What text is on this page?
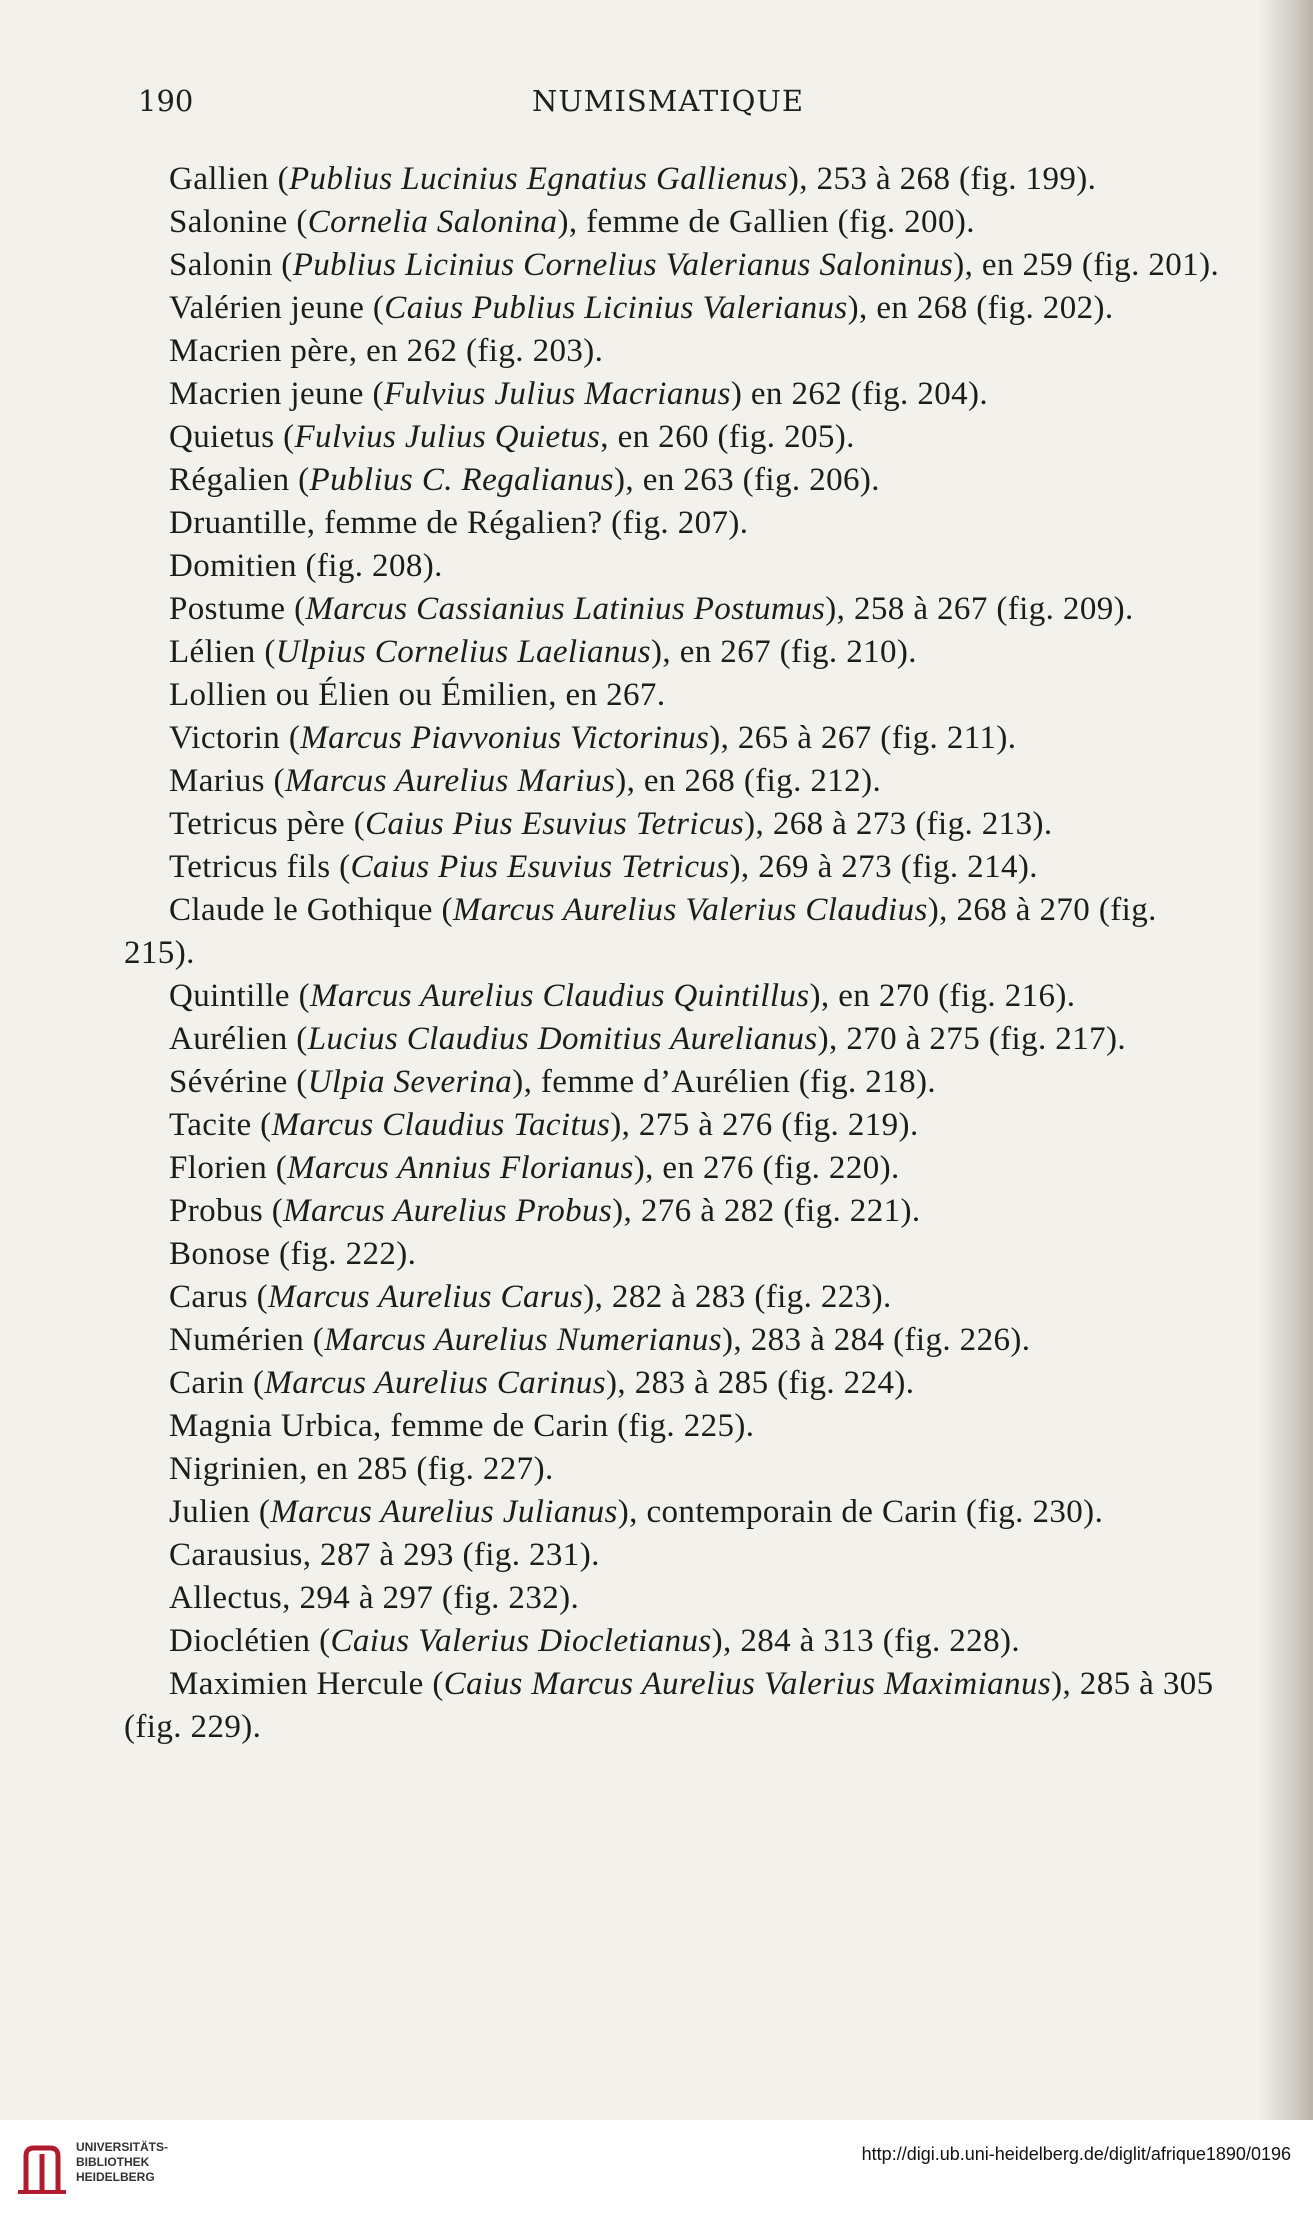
190	NUMISMATIQUE

Gallien (Publius Lucinius Egnatius Gallienus), 253 à 268 (fig. 199).

Salonine (Cornelia Salonina), femme de Gallien (fig. 200).

Salonin (Publius Licinius Cornelius Valerianus Saloninus), en 259 (fig. 201).

Valérien jeune (Caius Publius Licinius Valerianus), en 268 (fig. 202).

Macrien père, en 262 (fig. 203).

Macrien jeune (Fulvius Julius Macrianus) en 262 (fig. 204).

Quietus (Fulvius Julius Quietus, en 260 (fig. 205).

Régalien (Publius C. Regalianus), en 263 (fig. 206).

Druantille, femme de Régalien? (fig. 207).

Domitien (fig. 208).

Postume (Marcus Cassianius Latinius Postumus), 258 à 267 (fig. 209).

Lélien (Ulpius Cornelius Laelianus), en 267 (fig. 210).

Lollien ou Élien ou Émilien, en 267.

Victorin (Marcus Piavvonius Victorinus), 265 à 267 (fig. 211).

Marius (Marcus Aurelius Marius), en 268 (fig. 212).

Tetricus père (Caius Pius Esuvius Tetricus), 268 à 273 (fig. 213).

Tetricus fils (Caius Pius Esuvius Tetricus), 269 à 273 (fig. 214).

Claude le Gothique (Marcus Aurelius Valerius Claudius), 268 à 270 (fig. 215).

Quintille (Marcus Aurelius Claudius Quintillus), en 270 (fig. 216).

Aurélien (Lucius Claudius Domitius Aurelianus), 270 à 275 (fig. 217).

Sévérine (Ulpia Severina), femme d’Aurélien (fig. 218).

Tacite (Marcus Claudius Tacitus), 275 à 276 (fig. 219).

Florien (Marcus Annius Florianus), en 276 (fig. 220).

Probus (Marcus Aurelius Probus), 276 à 282 (fig. 221).

Bonose (fig. 222).

Carus (Marcus Aurelius Carus), 282 à 283 (fig. 223).

Numérien (Marcus Aurelius Numerianus), 283 à 284 (fig. 226).

Carin (Marcus Aurelius Carinus), 283 à 285 (fig. 224).

Magnia Urbica, femme de Carin (fig. 225).

Nigrinien, en 285 (fig. 227).

Julien (Marcus Aurelius Julianus), contemporain de Carin (fig. 230).

Carausius, 287 à 293 (fig. 231).

Allectus, 294 à 297 (fig. 232).

Dioclétien (Caius Valerius Diocletianus), 284 à 313 (fig. 228).

Maximien Hercule (Caius Marcus Aurelius Valerius Maximianus), 285 à 305 (fig. 229).

UNIVERSITÄTS-
BIBLIOTHEK
HEIDELBERG
http://digi.ub.uni-heidelberg.de/diglit/afrique1890/0196
